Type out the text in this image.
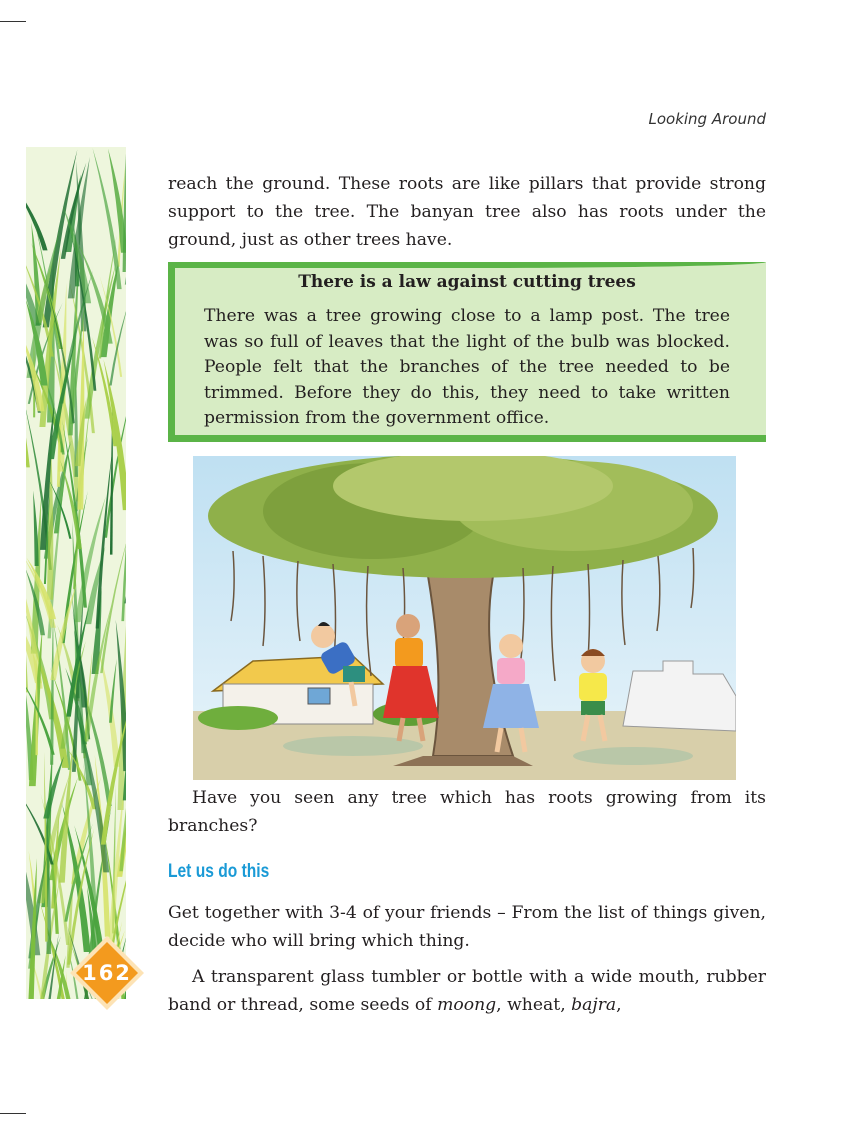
Looking Around
162

reach the ground. These roots are like pillars that provide strong support to the tree. The banyan tree also has roots under the ground, just as other trees have.

There is a law against cutting trees

There was a tree growing close to a lamp post. The tree was so full of leaves that the light of the bulb was blocked. People felt that the branches of the tree needed to be trimmed. Before they do this, they need to take written permission from the government office.

Have you seen any tree which has roots growing from its branches?

Let us do this

Get together with 3-4 of your friends – From the list of things given, decide who will bring which thing.

A transparent glass tumbler or bottle with a wide mouth, rubber band or thread, some seeds of moong, wheat, bajra,
